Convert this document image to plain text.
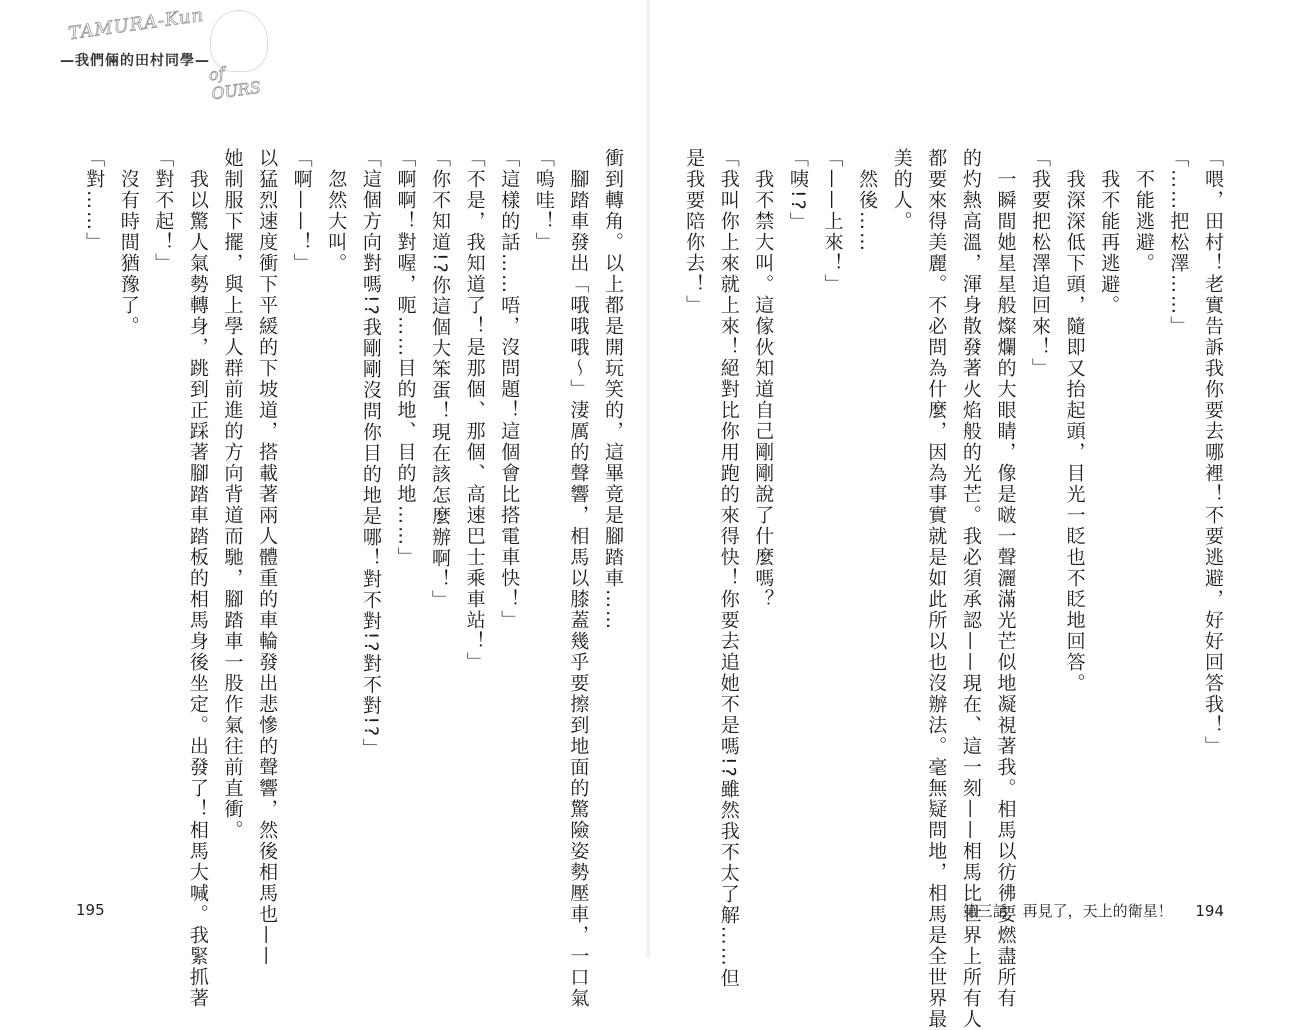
TAMURA-Kun
of OURS
—我們倆的田村同學—

衝到轉角。以上都是開玩笑的，這畢竟是腳踏車……

　腳踏車發出「哦哦哦～」淒厲的聲響，相馬以膝蓋幾乎要擦到地面的驚險姿勢壓車，一口氣

「嗚哇！」

「這樣的話……唔，沒問題！這個會比搭電車快！」

「不是，我知道了！是那個、那個、高速巴士乘車站！」

「你不知道!?你這個大笨蛋！現在該怎麼辦啊！」

「啊啊！對喔，呃……目的地、目的地……」

「這個方向對嗎!?我剛剛沒問你目的地是哪！對不對!?對不對!?」

　忽然大叫。

「啊——！」

以猛烈速度衝下平緩的下坡道，搭載著兩人體重的車輪發出悲慘的聲響，然後相馬也——

她制服下擺，與上學人群前進的方向背道而馳，腳踏車一股作氣往前直衝。

　我以驚人氣勢轉身，跳到正踩著腳踏車踏板的相馬身後坐定。出發了！相馬大喊。我緊抓著

「對不起！」

　沒有時間猶豫了。

「對……」

195

「喂，田村！老實告訴我你要去哪裡！不要逃避，好好回答我！」

「……把松澤……」

　不能逃避。

　我不能再逃避。

　我深深低下頭，隨即又抬起頭，目光一眨也不眨地回答。

「我要把松澤追回來！」

　一瞬間她星星般燦爛的大眼睛，像是啵一聲灑滿光芒似地凝視著我。相馬以彷彿要燃盡所有

的灼熱高溫，渾身散發著火焰般的光芒。我必須承認——現在、這一刻——相馬比世界上所有人

都要來得美麗。不必問為什麼，因為事實就是如此所以也沒辦法。毫無疑問地，相馬是全世界最

美的人。

　然後……

「——上來！」

「咦!?」

　我不禁大叫。這傢伙知道自己剛剛說了什麼嗎？

「我叫你上來就上來！絕對比你用跑的來得快！你要去追她不是嗎!?雖然我不太了解……但

是我要陪你去！」

第三話　再見了，天上的衛星！ 194
